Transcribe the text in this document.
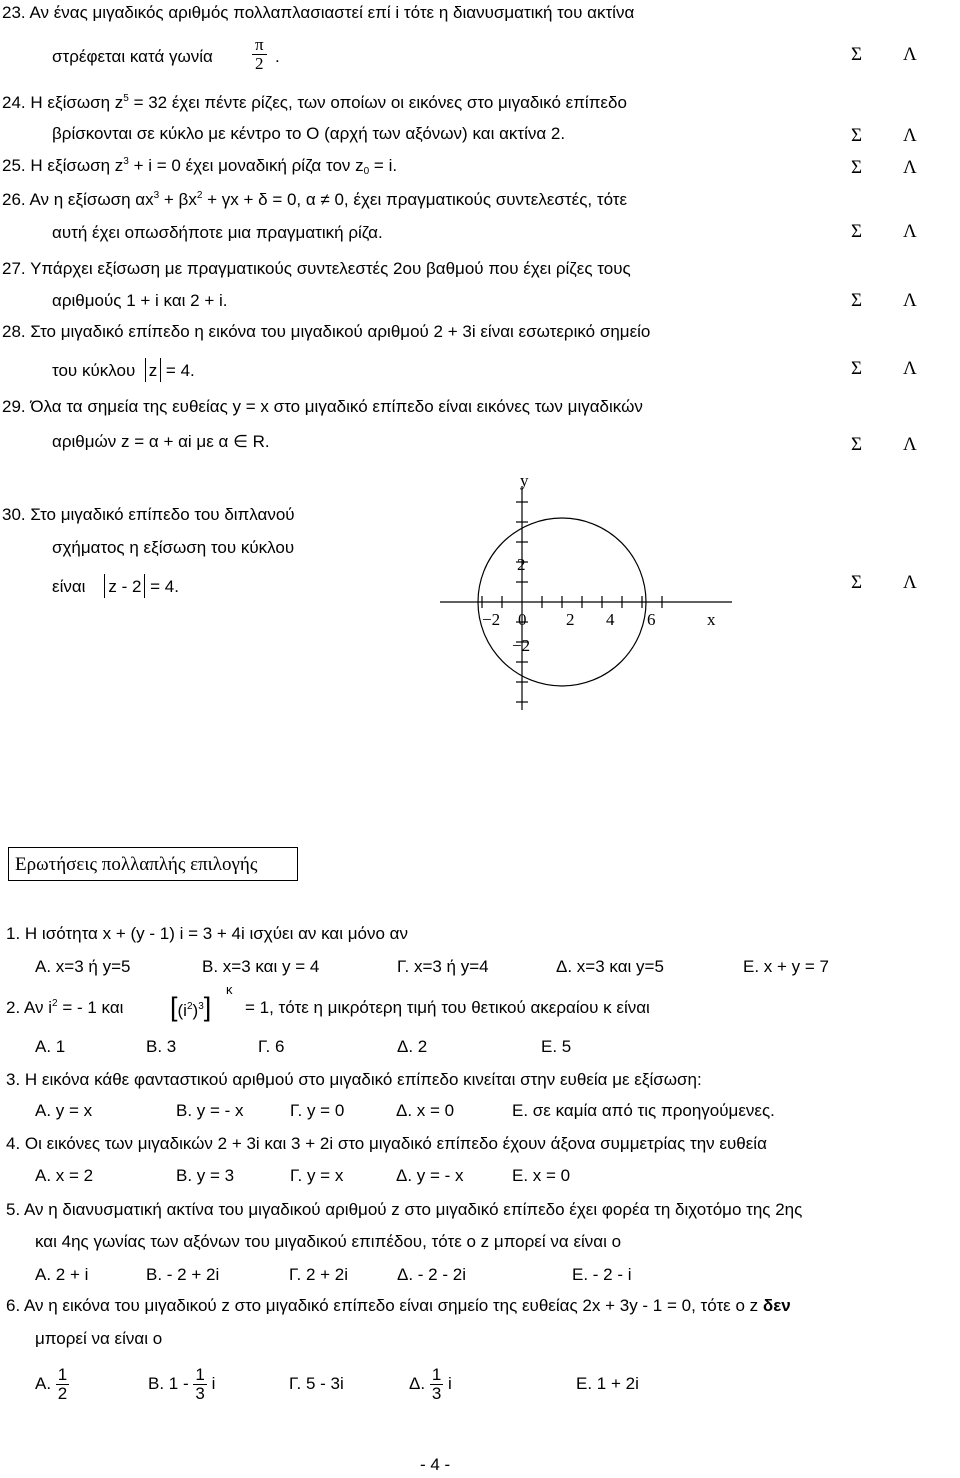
23. Αν ένας μιγαδικός αριθμός πολλαπλασιαστεί επί i τότε η διανυσματική του ακτίνα
στρέφεται κατά γωνία
π
2 .	Σ Λ
24. Η εξίσωση $z^5 = 32$ έχει πέντε ρίζες, των οποίων οι εικόνες στο μιγαδικό επίπεδο
βρίσκονται σε κύκλο με κέντρο το Ο (αρχή των αξόνων) και ακτίνα 2.	Σ Λ
25. Η εξίσωση $z^3 + i = 0$ έχει μοναδική ρίζα τον $z_0 = i$.	Σ Λ
26. Αν η εξίσωση $\alpha x^3 + \beta x^2 + \gamma x + \delta = 0$, α ≠ 0, έχει πραγματικούς συντελεστές, τότε
αυτή έχει οπωσδήποτε μια πραγματική ρίζα.	Σ Λ
27. Υπάρχει εξίσωση με πραγματικούς συντελεστές 2ου βαθμού που έχει ρίζες τους
αριθμούς 1 + i και 2 + i.	Σ Λ
28. Στο μιγαδικό επίπεδο η εικόνα του μιγαδικού αριθμού 2 + 3i είναι εσωτερικό σημείο
του κύκλου z = 4.	Σ Λ
29. Όλα τα σημεία της ευθείας y = x στο μιγαδικό επίπεδο είναι εικόνες των μιγαδικών
αριθμών z = α + αi με α ∈ R.	Σ Λ
30. Στο μιγαδικό επίπεδο του διπλανού
σχήματος η εξίσωση του κύκλου
είναι z - 2 = 4.	Σ Λ
y
x
2
−2 0 2 4 6
−2
Ερωτήσεις πολλαπλής επιλογής
1. Η ισότητα x + (y - 1) i = 3 + 4i ισχύει αν και μόνο αν
Α. x=3 ή y=5	Β. x=3 και y = 4	Γ. x=3 ή y=4	Δ. x=3 και y=5	Ε. x + y = 7
2. Αν $i^2$ = - 1 και $[(i^2)^3]$
κ
= 1, τότε η μικρότερη τιμή του θετικού ακεραίου κ είναι
Α. 1	Β. 3	Γ. 6	Δ. 2	Ε. 5
3. Η εικόνα κάθε φανταστικού αριθμού στο μιγαδικό επίπεδο κινείται στην ευθεία με εξίσωση:
Α. y = x	Β. y = - x	Γ. y = 0	Δ. x = 0	Ε. σε καμία από τις προηγούμενες.
4. Οι εικόνες των μιγαδικών 2 + 3i και 3 + 2i στο μιγαδικό επίπεδο έχουν άξονα συμμετρίας την ευθεία
Α. x = 2	Β. y = 3	Γ. y = x	Δ. y = - x	Ε. x = 0
5. Αν η διανυσματική ακτίνα του μιγαδικού αριθμού z στο μιγαδικό επίπεδο έχει φορέα τη διχοτόμο της 2ης
και 4ης γωνίας των αξόνων του μιγαδικού επιπέδου, τότε ο z μπορεί να είναι ο
Α. 2 + i	Β. - 2 + 2i	Γ. 2 + 2i	Δ. - 2 - 2i	Ε. - 2 - i
6. Αν η εικόνα του μιγαδικού z στο μιγαδικό επίπεδο είναι σημείο της ευθείας 2x + 3y - 1 = 0, τότε ο z δεν
μπορεί να είναι ο
Α. $\frac{1}{2}$	Β. $1 - \frac{1}{3}$ i	Γ. 5 - 3i	Δ. $\frac{1}{3}$ i	Ε. 1 + 2i
- 4 -
